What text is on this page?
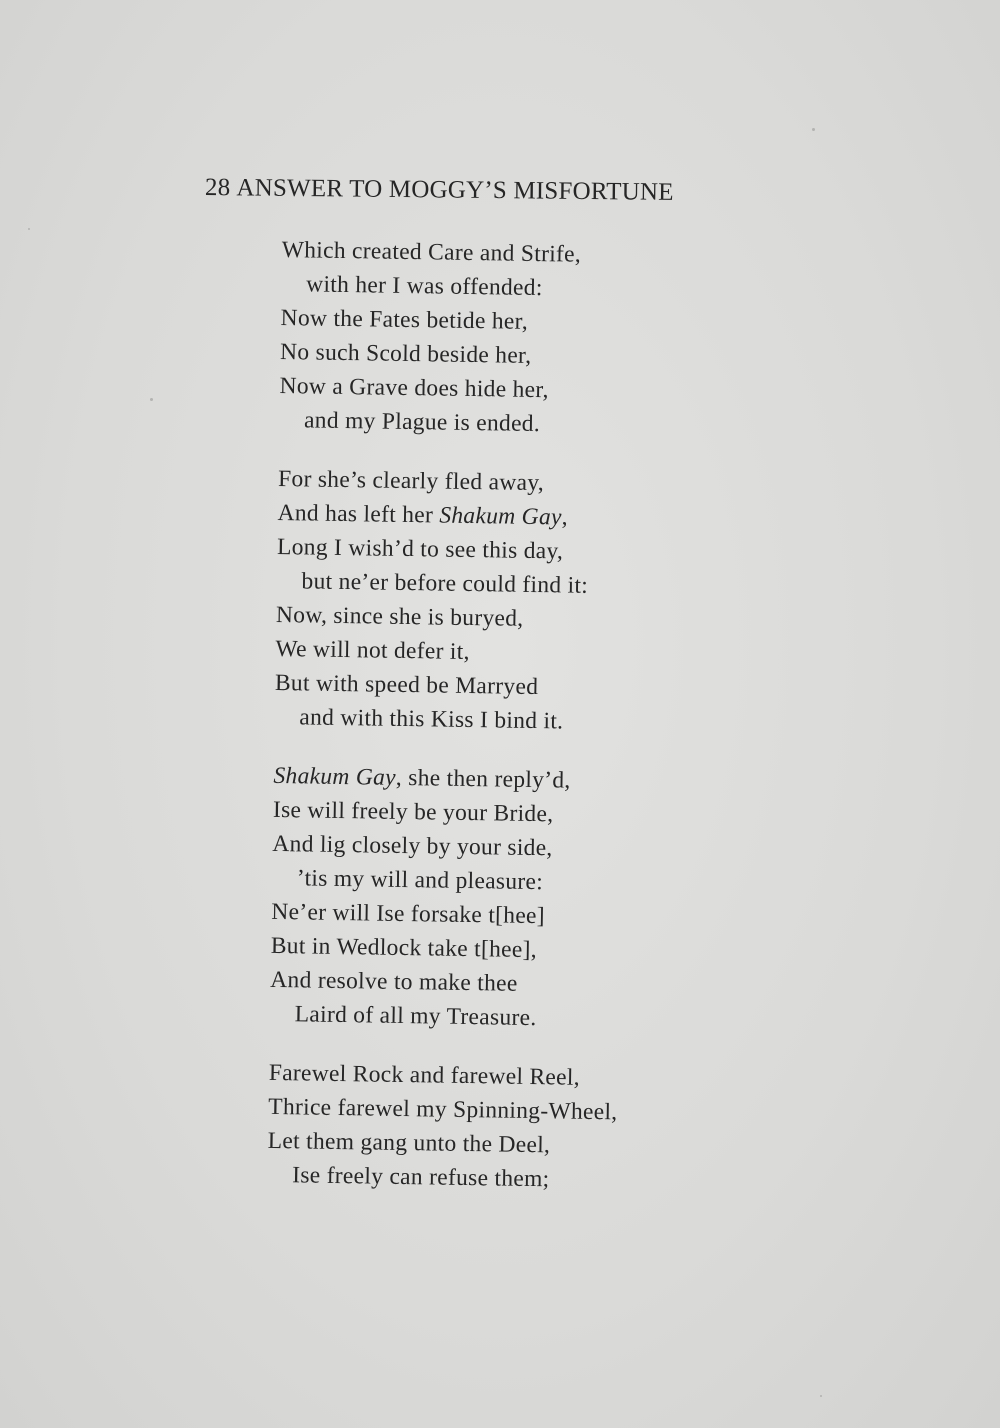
28 ANSWER TO MOGGY’S MISFORTUNE
Which created Care and Strife,
with her I was offended:
Now the Fates betide her,
No such Scold beside her,
Now a Grave does hide her,
and my Plague is ended.
For she’s clearly fled away,
And has left her Shakum Gay,
Long I wish’d to see this day,
but ne’er before could find it:
Now, since she is buryed,
We will not defer it,
But with speed be Marryed
and with this Kiss I bind it.
Shakum Gay, she then reply’d,
Ise will freely be your Bride,
And lig closely by your side,
’tis my will and pleasure:
Ne’er will Ise forsake t[hee]
But in Wedlock take t[hee],
And resolve to make thee
Laird of all my Treasure.
Farewel Rock and farewel Reel,
Thrice farewel my Spinning-Wheel,
Let them gang unto the Deel,
Ise freely can refuse them;
